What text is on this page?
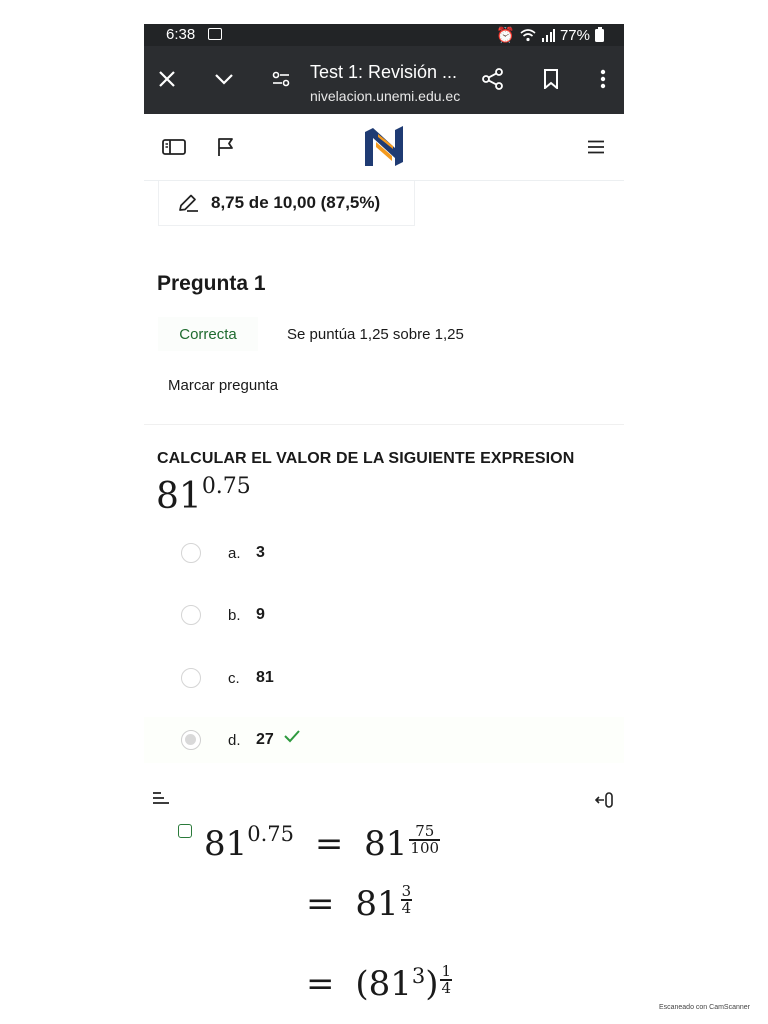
6:38	⏰	77%
Test 1: Revisión ...
nivelacion.unemi.edu.ec
8,75 de 10,00 (87,5%)
Pregunta 1
Correcta	Se puntúa 1,25 sobre 1,25
Marcar pregunta
CALCULAR EL VALOR DE LA SIGUIENTE EXPRESION
$81^{0.75}$
a. 3
b. 9
c. 81
d. 27
$81^{0.75} = 81 \frac{75}{100}$
= $81 \frac{3}{4}$
= $(81^3) \frac{1}{4}$
Escaneado con CamScanner
